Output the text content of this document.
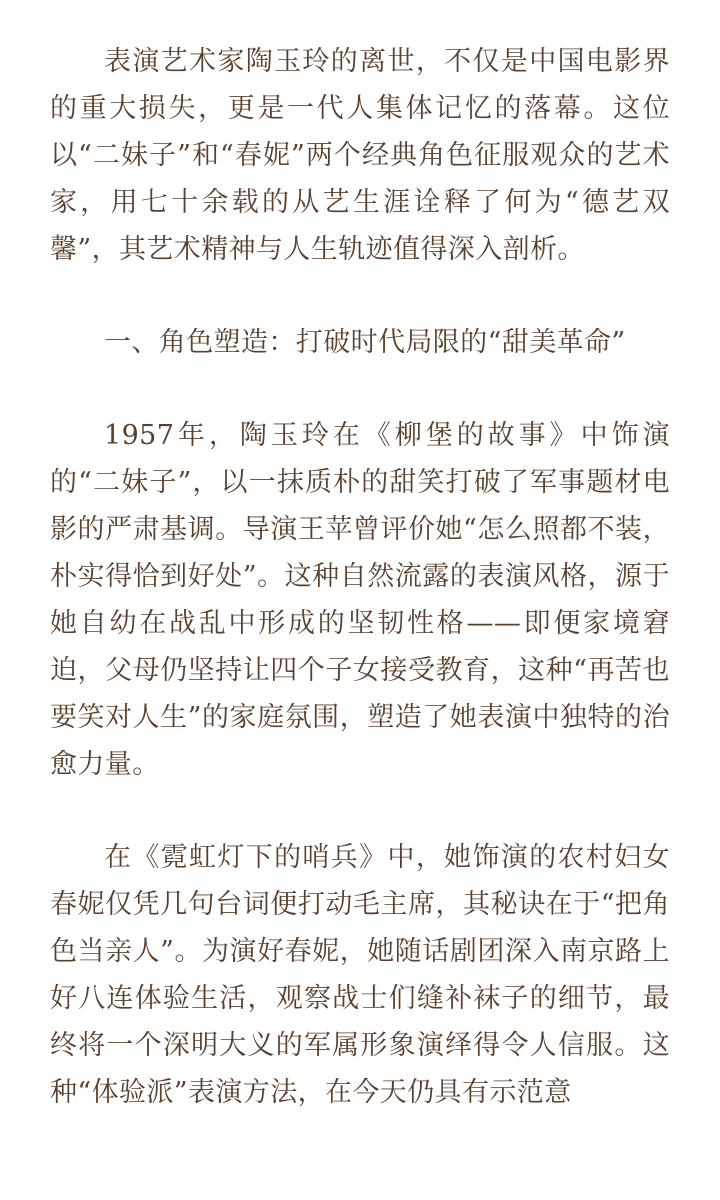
表演艺术家陶玉玲的离世，不仅是中国电影界的重大损失，更是一代人集体记忆的落幕。这位以“二妹子”和“春妮”两个经典角色征服观众的艺术家，用七十余载的从艺生涯诠释了何为“德艺双馨”，其艺术精神与人生轨迹值得深入剖析。

一、角色塑造：打破时代局限的“甜美革命”

1957年，陶玉玲在《柳堡的故事》中饰演的“二妹子”，以一抹质朴的甜笑打破了军事题材电影的严肃基调。导演王苹曾评价她“怎么照都不装，朴实得恰到好处”。这种自然流露的表演风格，源于她自幼在战乱中形成的坚韧性格——即便家境窘迫，父母仍坚持让四个子女接受教育，这种“再苦也要笑对人生”的家庭氛围，塑造了她表演中独特的治愈力量。

在《霓虹灯下的哨兵》中，她饰演的农村妇女春妮仅凭几句台词便打动毛主席，其秘诀在于“把角色当亲人”。为演好春妮，她随话剧团深入南京路上好八连体验生活，观察战士们缝补袜子的细节，最终将一个深明大义的军属形象演绎得令人信服。这种“体验派”表演方法，在今天仍具有示范意
